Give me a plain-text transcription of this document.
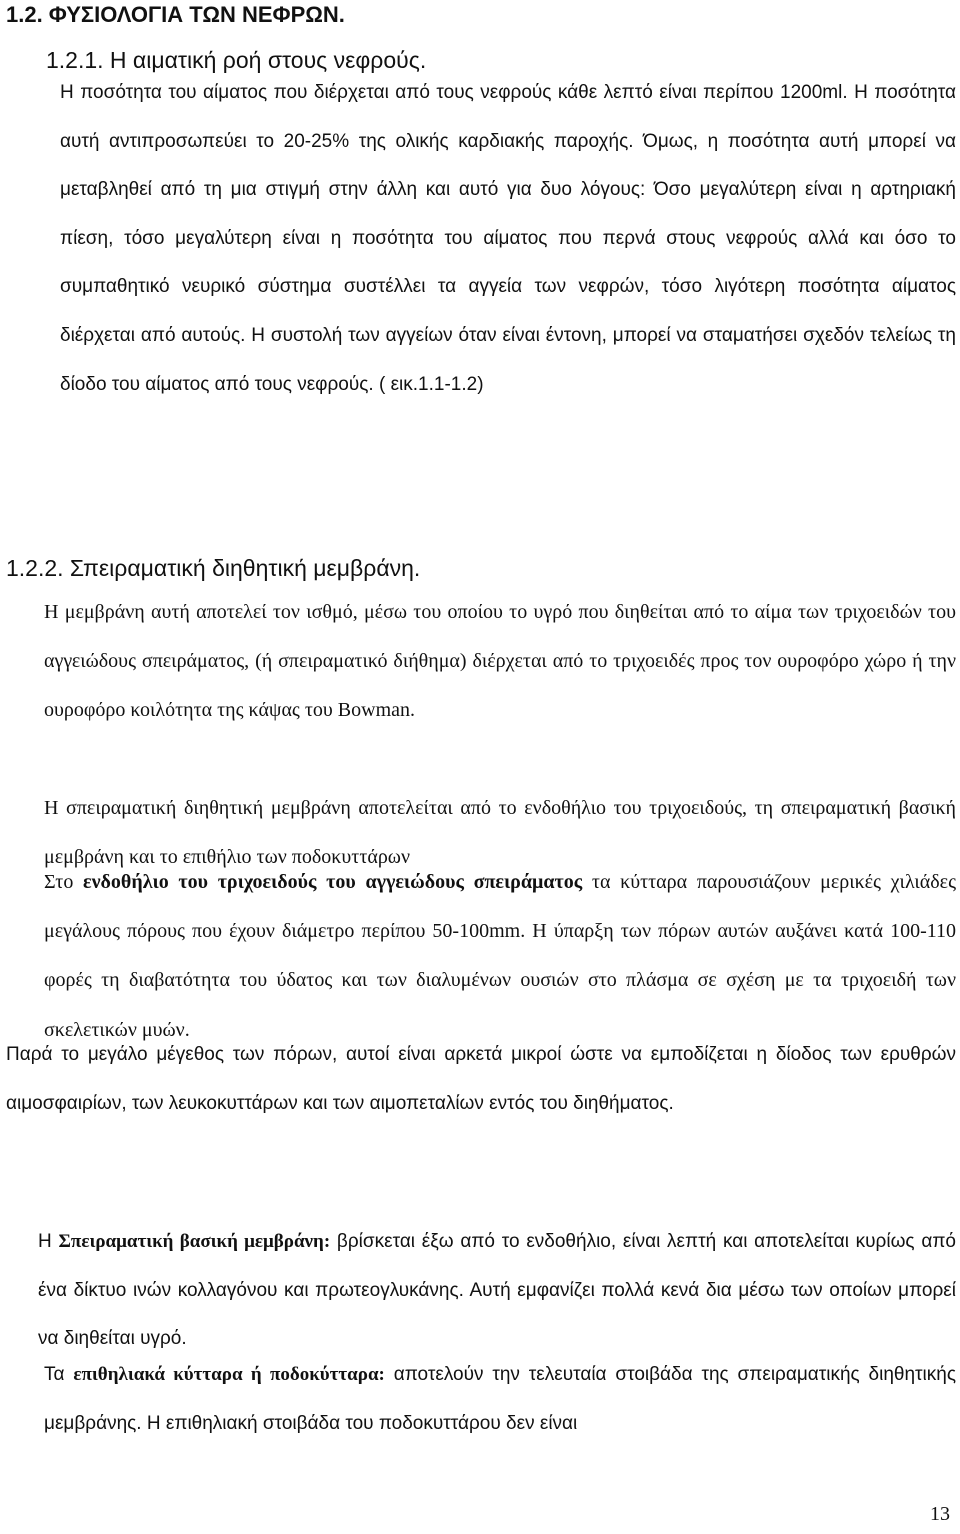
1.2. ΦΥΣΙΟΛΟΓΙΑ ΤΩΝ ΝΕΦΡΩΝ.
1.2.1. Η αιματική ροή στους νεφρούς.

Η ποσότητα του αίματος που διέρχεται από τους νεφρούς κάθε λεπτό είναι περίπου 1200ml. Η ποσότητα αυτή αντιπροσωπεύει το 20-25% της ολικής καρδιακής παροχής. Όμως, η ποσότητα αυτή μπορεί να μεταβληθεί από τη μια στιγμή στην άλλη και αυτό για δυο λόγους: Όσο μεγαλύτερη είναι η αρτηριακή πίεση, τόσο μεγαλύτερη είναι η ποσότητα του αίματος που περνά στους νεφρούς αλλά και όσο το συμπαθητικό νευρικό σύστημα συστέλλει τα αγγεία των νεφρών, τόσο λιγότερη ποσότητα αίματος διέρχεται από αυτούς. Η συστολή των αγγείων όταν είναι έντονη, μπορεί να σταματήσει σχεδόν τελείως τη δίοδο του αίματος από τους νεφρούς. ( εικ.1.1-1.2)

1.2.2. Σπειραματική διηθητική μεμβράνη.

Η μεμβράνη αυτή αποτελεί τον ισθμό, μέσω του οποίου το υγρό που διηθείται από το αίμα των τριχοειδών του αγγειώδους σπειράματος, (ή σπειραματικό διήθημα) διέρχεται από το τριχοειδές προς τον ουροφόρο χώρο ή την ουροφόρο κοιλότητα της κάψας του Bowman.

Η σπειραματική διηθητική μεμβράνη αποτελείται από το ενδοθήλιο του τριχοειδούς, τη σπειραματική βασική μεμβράνη και το επιθήλιο των ποδοκυττάρων

Στο ενδοθήλιο του τριχοειδούς του αγγειώδους σπειράματος τα κύτταρα παρουσιάζουν μερικές χιλιάδες μεγάλους πόρους που έχουν διάμετρο περίπου 50-100mm. Η ύπαρξη των πόρων αυτών αυξάνει κατά 100-110 φορές τη διαβατότητα του ύδατος και των διαλυμένων ουσιών στο πλάσμα σε σχέση με τα τριχοειδή των σκελετικών μυών.

Παρά το μεγάλο μέγεθος των πόρων, αυτοί είναι αρκετά μικροί ώστε να εμποδίζεται η δίοδος των ερυθρών αιμοσφαιρίων, των λευκοκυττάρων και των αιμοπεταλίων εντός του διηθήματος.

Η Σπειραματική βασική μεμβράνη: βρίσκεται έξω από το ενδοθήλιο, είναι λεπτή και αποτελείται κυρίως από ένα δίκτυο ινών κολλαγόνου και πρωτεογλυκάνης. Αυτή εμφανίζει πολλά κενά δια μέσω των οποίων μπορεί να διηθείται υγρό.

Τα επιθηλιακά κύτταρα ή ποδοκύτταρα: αποτελούν την τελευταία στοιβάδα της σπειραματικής διηθητικής μεμβράνης. Η επιθηλιακή στοιβάδα του ποδοκυττάρου δεν είναι

13
